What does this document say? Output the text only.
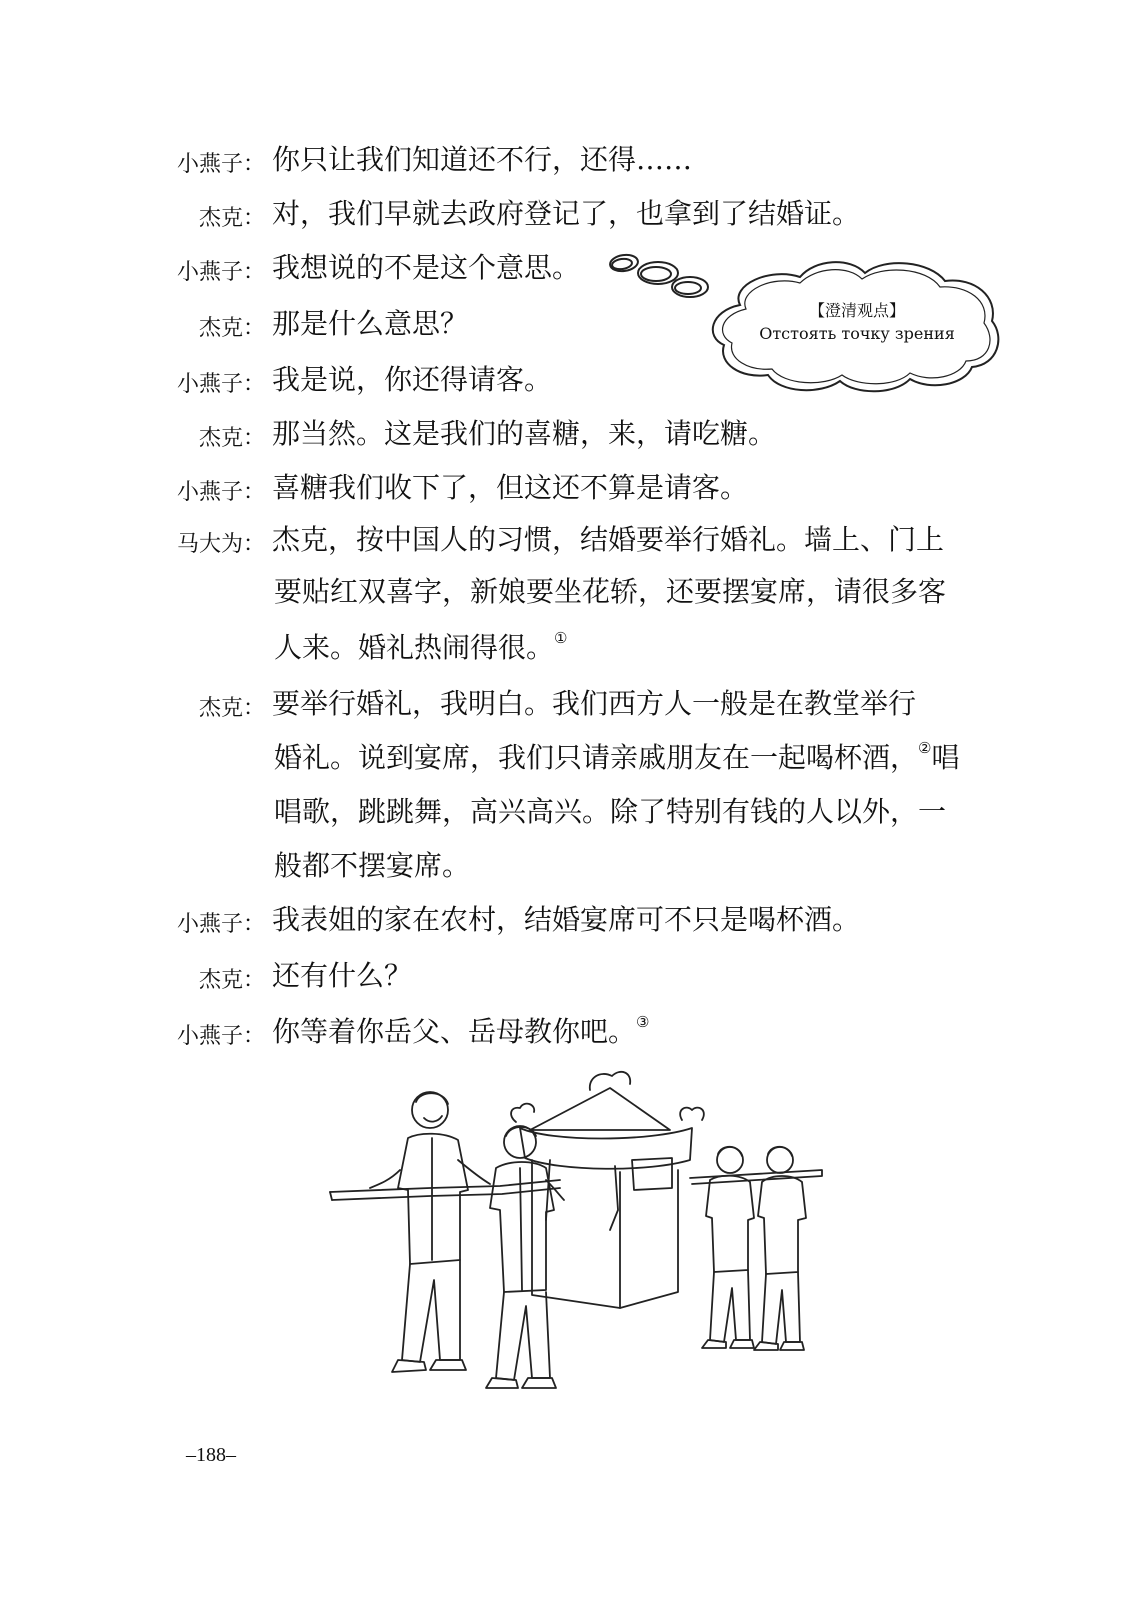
小燕子： 你只让我们知道还不行，还得……
杰克： 对，我们早就去政府登记了，也拿到了结婚证。
小燕子： 我想说的不是这个意思。
杰克： 那是什么意思？
小燕子： 我是说，你还得请客。
杰克： 那当然。这是我们的喜糖，来，请吃糖。
小燕子： 喜糖我们收下了，但这还不算是请客。
马大为： 杰克，按中国人的习惯，结婚要举行婚礼。墙上、门上
要贴红双喜字，新娘要坐花轿，还要摆宴席，请很多客
人来。婚礼热闹得很。①
杰克： 要举行婚礼，我明白。我们西方人一般是在教堂举行
婚礼。说到宴席，我们只请亲戚朋友在一起喝杯酒，②唱
唱歌，跳跳舞，高兴高兴。除了特别有钱的人以外，一
般都不摆宴席。
小燕子： 我表姐的家在农村，结婚宴席可不只是喝杯酒。
杰克： 还有什么？
小燕子： 你等着你岳父、岳母教你吧。③
【澄清观点】
Отстоять точку зрения
–188–
